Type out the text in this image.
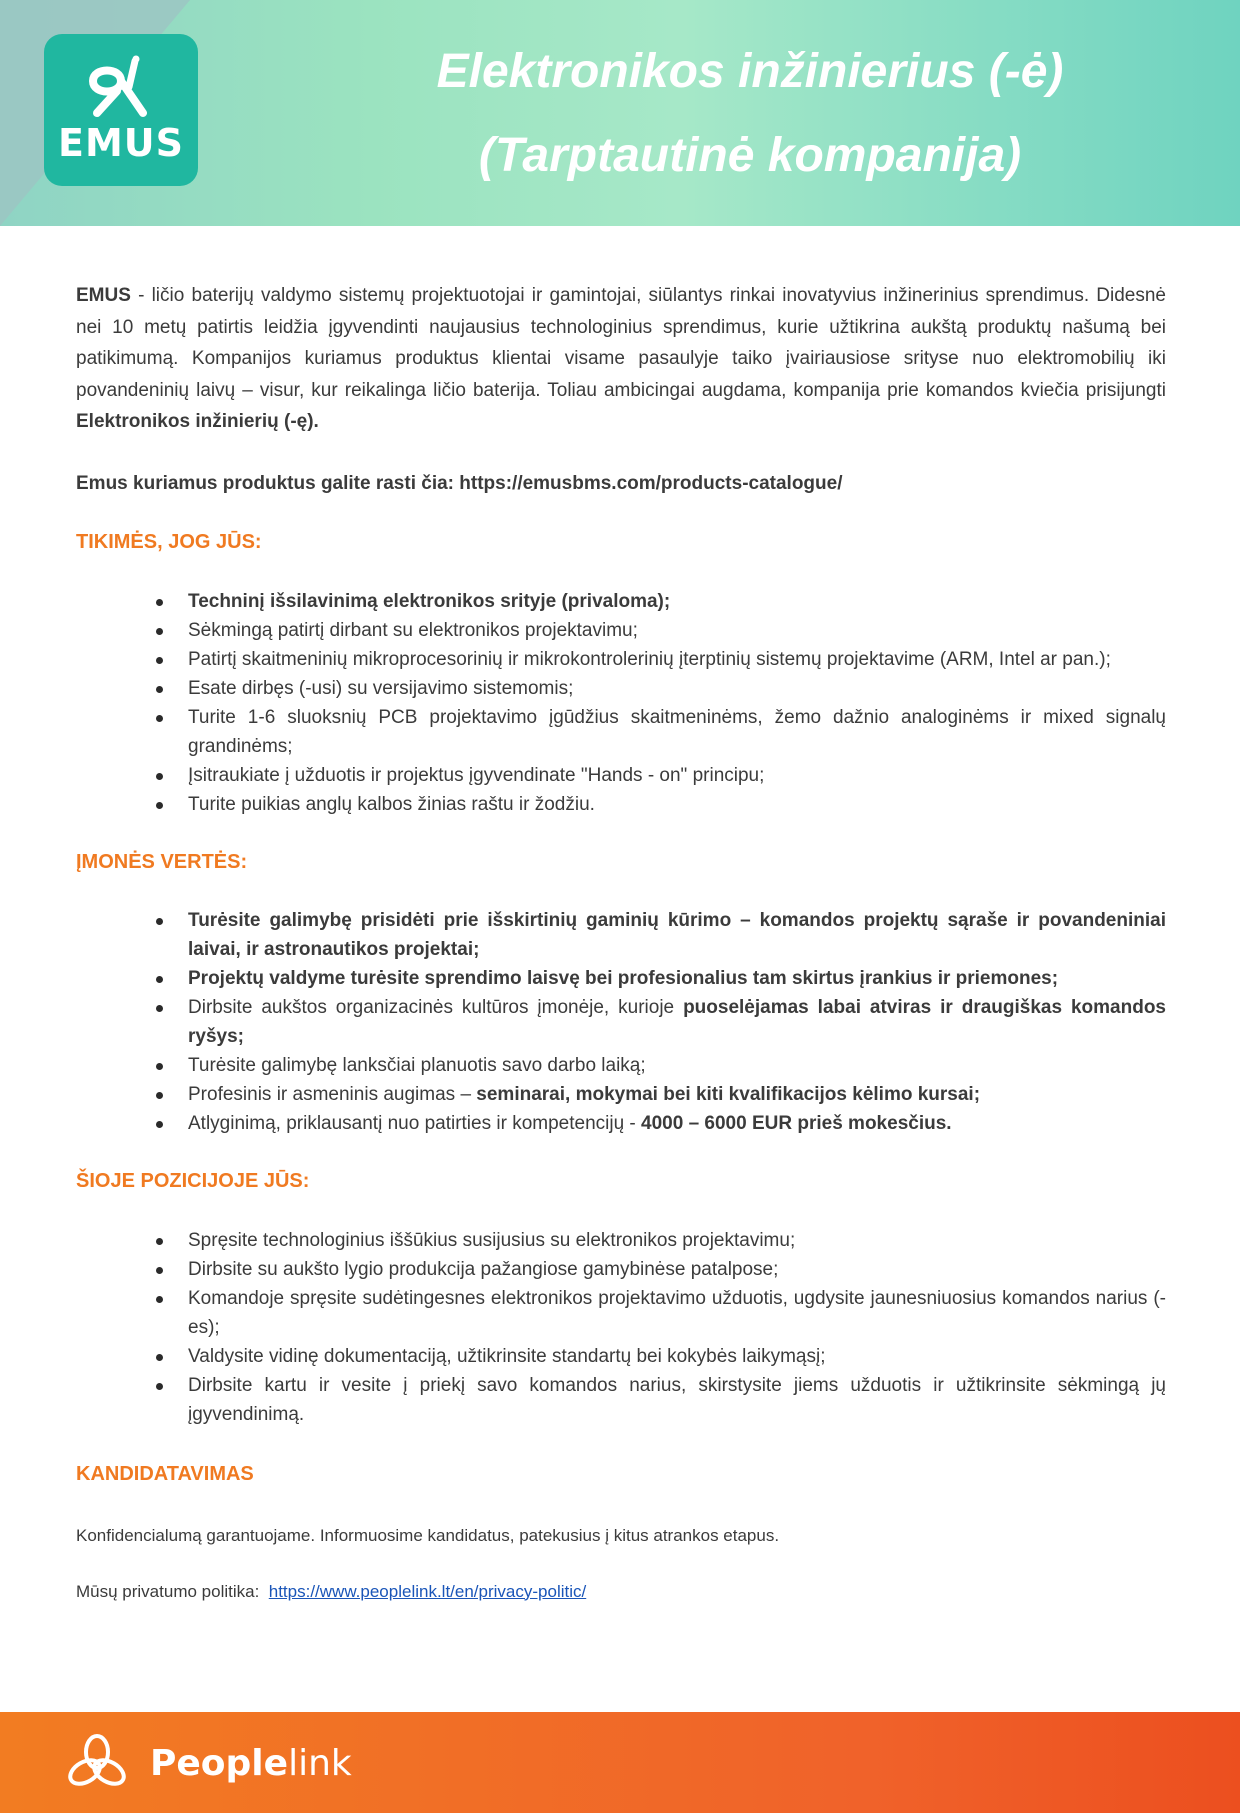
EMUS
Elektronikos inžinierius (-ė)
(Tarptautinė kompanija)

EMUS - ličio baterijų valdymo sistemų projektuotojai ir gamintojai, siūlantys rinkai inovatyvius inžinerinius sprendimus. Didesnė nei 10 metų patirtis leidžia įgyvendinti naujausius technologinius sprendimus, kurie užtikrina aukštą produktų našumą bei patikimumą. Kompanijos kuriamus produktus klientai visame pasaulyje taiko įvairiausiose srityse nuo elektromobilių iki povandeninių laivų – visur, kur reikalinga ličio baterija. Toliau ambicingai augdama, kompanija prie komandos kviečia prisijungti Elektronikos inžinierių (-ę).

Emus kuriamus produktus galite rasti čia: https://emusbms.com/products-catalogue/

TIKIMĖS, JOG JŪS:
Techninį išsilavinimą elektronikos srityje (privaloma);
Sėkmingą patirtį dirbant su elektronikos projektavimu;
Patirtį skaitmeninių mikroprocesorinių ir mikrokontrolerinių įterptinių sistemų projektavime (ARM, Intel ar pan.);
Esate dirbęs (-usi) su versijavimo sistemomis;
Turite 1-6 sluoksnių PCB projektavimo įgūdžius skaitmeninėms, žemo dažnio analoginėms ir mixed signalų grandinėms;
Įsitraukiate į užduotis ir projektus įgyvendinate "Hands - on" principu;
Turite puikias anglų kalbos žinias raštu ir žodžiu.
ĮMONĖS VERTĖS:
Turėsite galimybę prisidėti prie išskirtinių gaminių kūrimo – komandos projektų sąraše ir povandeniniai laivai, ir astronautikos projektai;
Projektų valdyme turėsite sprendimo laisvę bei profesionalius tam skirtus įrankius ir priemones;
Dirbsite aukštos organizacinės kultūros įmonėje, kurioje puoselėjamas labai atviras ir draugiškas komandos ryšys;
Turėsite galimybę lanksčiai planuotis savo darbo laiką;
Profesinis ir asmeninis augimas – seminarai, mokymai bei kiti kvalifikacijos kėlimo kursai;
Atlyginimą, priklausantį nuo patirties ir kompetencijų - 4000 – 6000 EUR prieš mokesčius.
ŠIOJE POZICIJOJE JŪS:
Spręsite technologinius iššūkius susijusius su elektronikos projektavimu;
Dirbsite su aukšto lygio produkcija pažangiose gamybinėse patalpose;
Komandoje spręsite sudėtingesnes elektronikos projektavimo užduotis, ugdysite jaunesniuosius komandos narius (-es);
Valdysite vidinę dokumentaciją, užtikrinsite standartų bei kokybės laikymąsį;
Dirbsite kartu ir vesite į priekį savo komandos narius, skirstysite jiems užduotis ir užtikrinsite sėkmingą jų įgyvendinimą.
KANDIDATAVIMAS

Konfidencialumą garantuojame. Informuosime kandidatus, patekusius į kitus atrankos etapus.

Mūsų privatumo politika:  https://www.peoplelink.lt/en/privacy-politic/

Peoplelink
